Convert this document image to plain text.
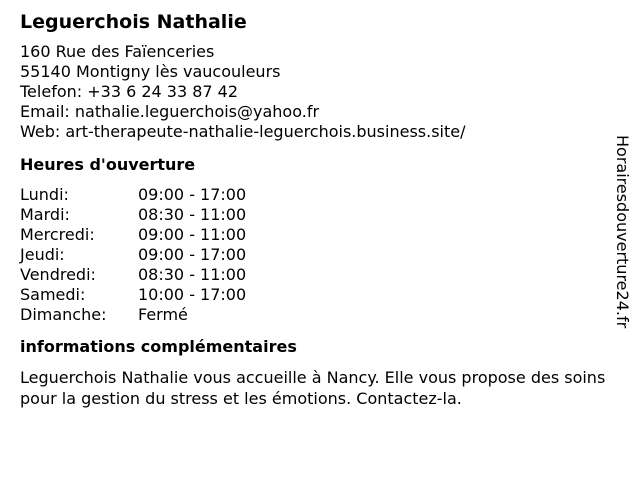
Leguerchois Nathalie
160 Rue des Faïenceries
55140 Montigny lès vaucouleurs
Telefon: +33 6 24 33 87 42
Email: nathalie.leguerchois@yahoo.fr
Web: art-therapeute-nathalie-leguerchois.business.site/
Heures d'ouverture
Lundi:	09:00 - 17:00
Mardi:	08:30 - 11:00
Mercredi:	09:00 - 11:00
Jeudi:	09:00 - 17:00
Vendredi:	08:30 - 11:00
Samedi:	10:00 - 17:00
Dimanche: Fermé
informations complémentaires
Leguerchois Nathalie vous accueille à Nancy. Elle vous propose des soins pour la gestion du stress et les émotions. Contactez-la.
Horairesdouverture24.fr
